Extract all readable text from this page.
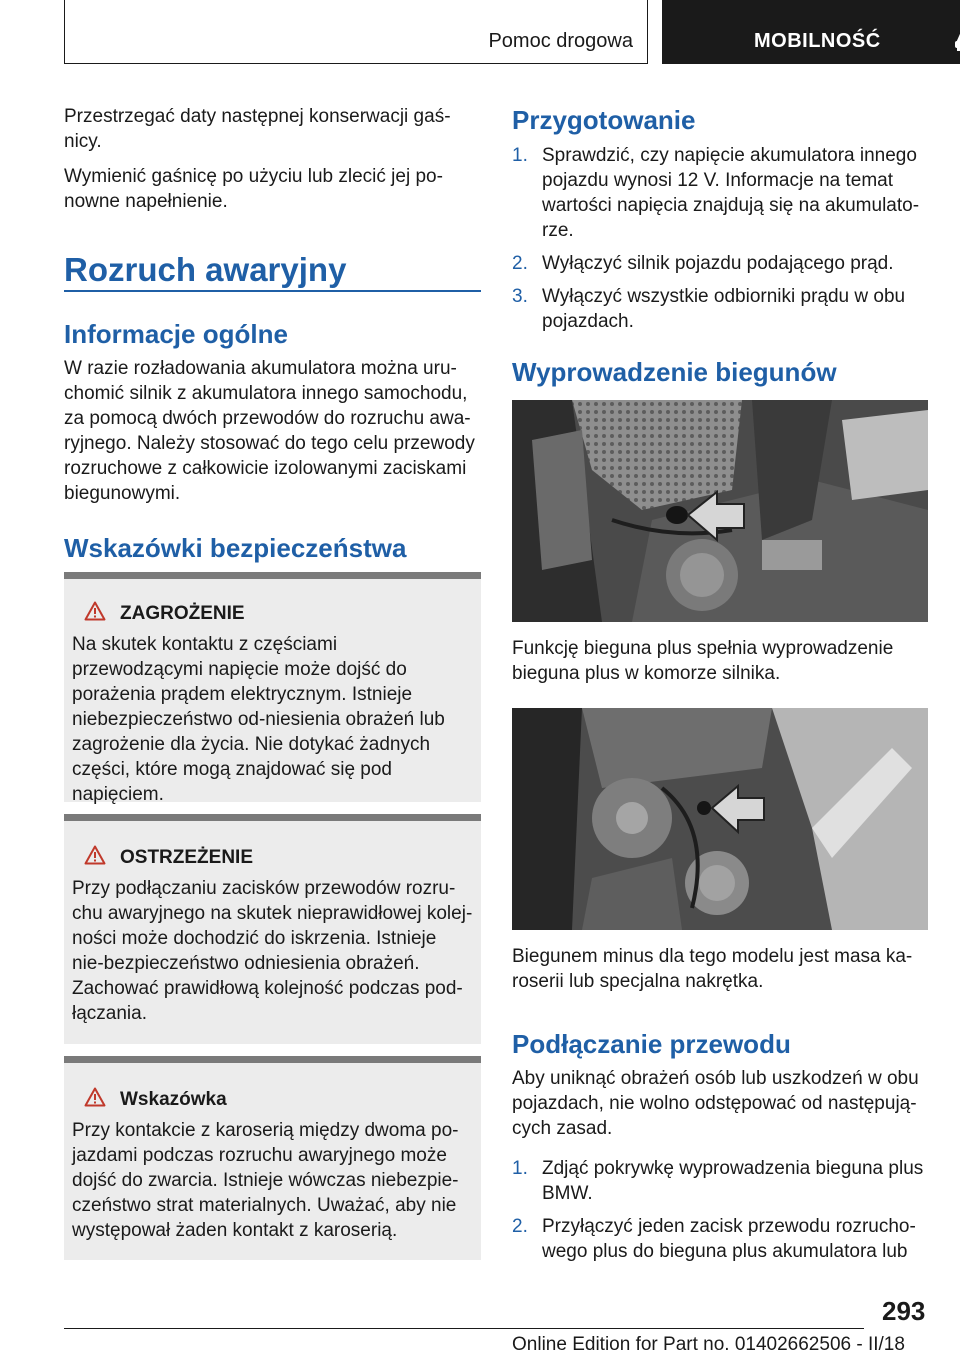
Pomoc drogowa	MOBILNOŚĆ

Przestrzegać daty następnej konserwacji gaś-nicy.

Wymienić gaśnicę po użyciu lub zlecić jej po-nowne napełnienie.

Rozruch awaryjny
Informacje ogólne

W razie rozładowania akumulatora można uru-chomić silnik z akumulatora innego samochodu, za pomocą dwóch przewodów do rozruchu awa-ryjnego. Należy stosować do tego celu przewody rozruchowe z całkowicie izolowanymi zaciskami biegunowymi.

Wskazówki bezpieczeństwa
ZAGROŻENIE

Na skutek kontaktu z częściami przewodzącymi napięcie może dojść do porażenia prądem elektrycznym. Istnieje niebezpieczeństwo od-niesienia obrażeń lub zagrożenie dla życia. Nie dotykać żadnych części, które mogą znajdować się pod napięciem.

OSTRZEŻENIE

Przy podłączaniu zacisków przewodów rozru-chu awaryjnego na skutek nieprawidłowej kolej-ności może dochodzić do iskrzenia. Istnieje nie-bezpieczeństwo odniesienia obrażeń. Zachować prawidłową kolejność podczas pod-łączania.

Wskazówka

Przy kontakcie z karoserią między dwoma po-jazdami podczas rozruchu awaryjnego może dojść do zwarcia. Istnieje wówczas niebezpie-czeństwo strat materialnych. Uważać, aby nie występował żaden kontakt z karoserią.

Przygotowanie
1. Sprawdzić, czy napięcie akumulatora innego pojazdu wynosi 12 V. Informacje na temat wartości napięcia znajdują się na akumulato-rze.
2. Wyłączyć silnik pojazdu podającego prąd.
3. Wyłączyć wszystkie odbiorniki prądu w obu pojazdach.
Wyprowadzenie biegunów

Funkcję bieguna plus spełnia wyprowadzenie bieguna plus w komorze silnika.

Biegunem minus dla tego modelu jest masa ka-roserii lub specjalna nakrętka.

Podłączanie przewodu

Aby uniknąć obrażeń osób lub uszkodzeń w obu pojazdach, nie wolno odstępować od następują-cych zasad.

1. Zdjąć pokrywkę wyprowadzenia bieguna plus BMW.
2. Przyłączyć jeden zacisk przewodu rozrucho-wego plus do bieguna plus akumulatora lub
293
Online Edition for Part no. 01402662506 - II/18
